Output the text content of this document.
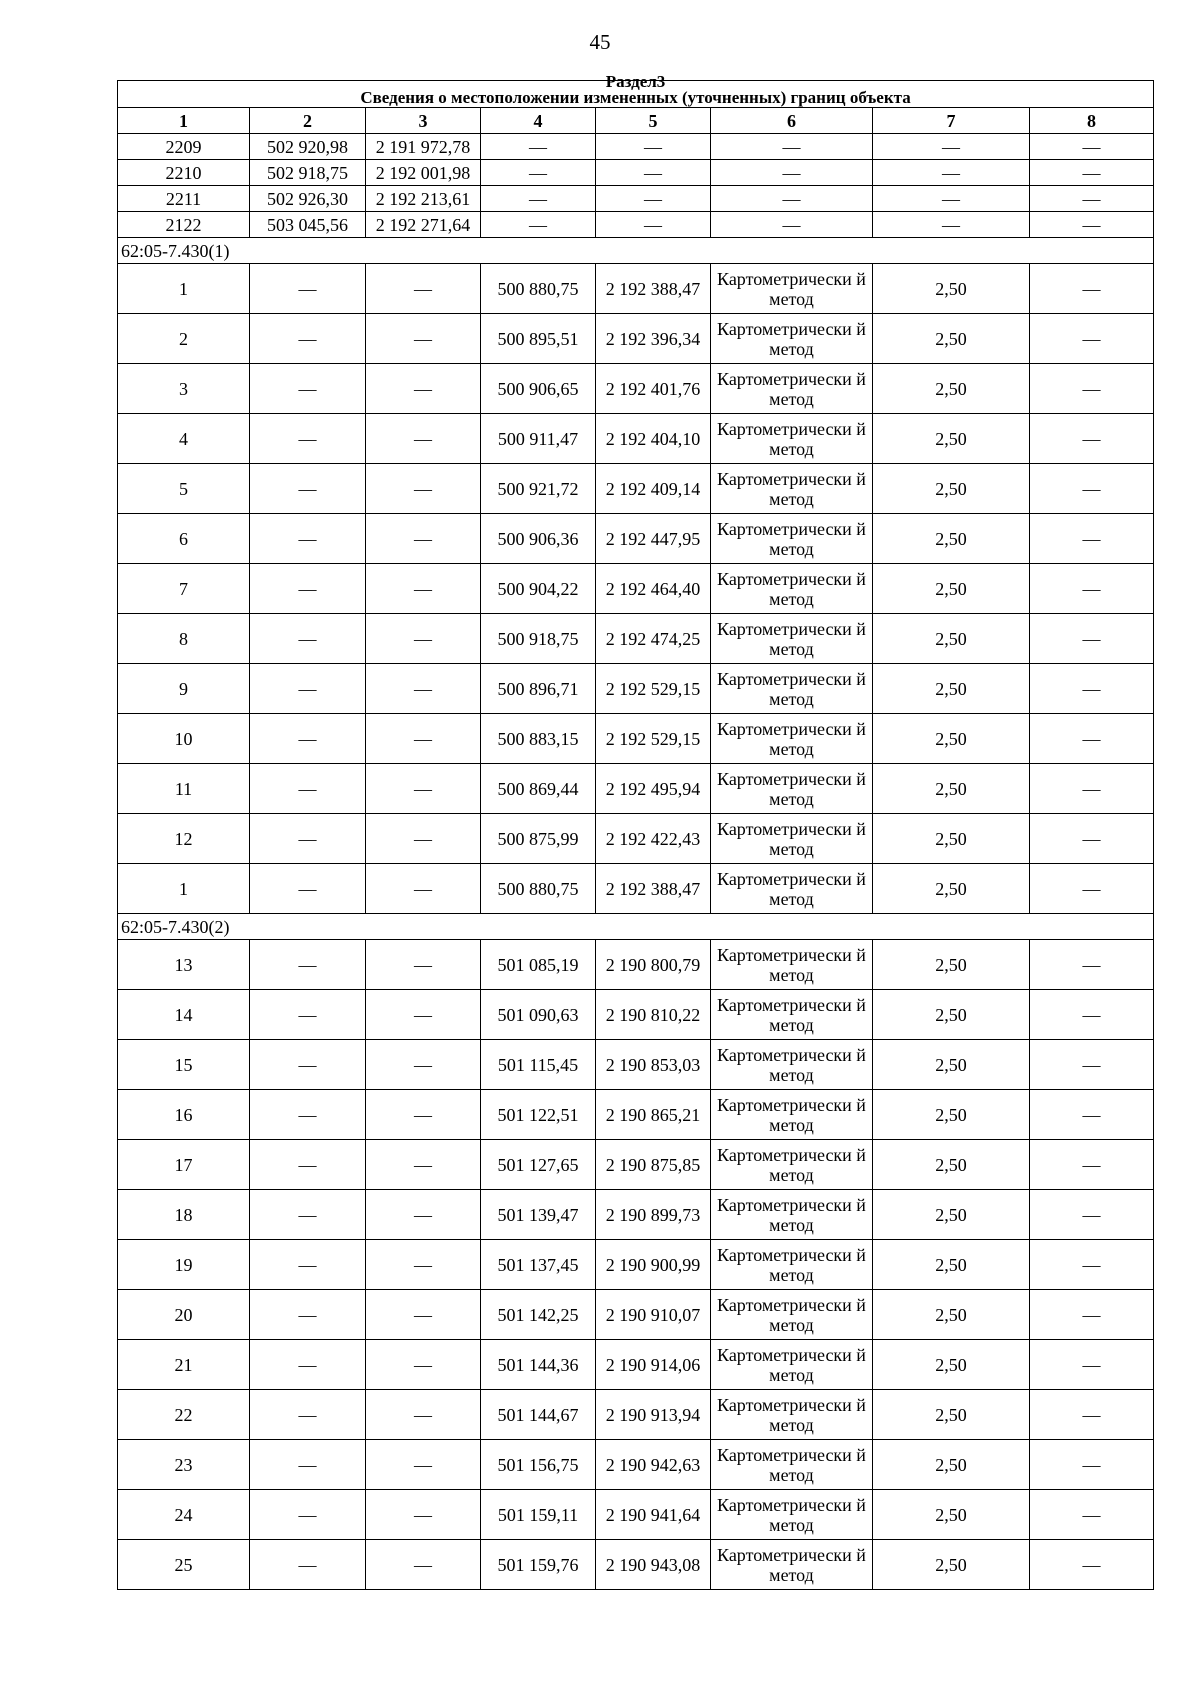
45
Раздел3
Сведения о местоположении измененных (уточненных) границ объекта							
1	2	3	4	5	6	7	8
2209	502 920,98	2 191 972,78	—	—	—	—	—
2210	502 918,75	2 192 001,98	—	—	—	—	—
2211	502 926,30	2 192 213,61	—	—	—	—	—
2122	503 045,56	2 192 271,64	—	—	—	—	—
62:05-7.430(1)							
1	—	—	500 880,75	2 192 388,47	Картометрически й метод	2,50	—
2	—	—	500 895,51	2 192 396,34	Картометрически й метод	2,50	—
3	—	—	500 906,65	2 192 401,76	Картометрически й метод	2,50	—
4	—	—	500 911,47	2 192 404,10	Картометрически й метод	2,50	—
5	—	—	500 921,72	2 192 409,14	Картометрически й метод	2,50	—
6	—	—	500 906,36	2 192 447,95	Картометрически й метод	2,50	—
7	—	—	500 904,22	2 192 464,40	Картометрически й метод	2,50	—
8	—	—	500 918,75	2 192 474,25	Картометрически й метод	2,50	—
9	—	—	500 896,71	2 192 529,15	Картометрически й метод	2,50	—
10	—	—	500 883,15	2 192 529,15	Картометрически й метод	2,50	—
11	—	—	500 869,44	2 192 495,94	Картометрически й метод	2,50	—
12	—	—	500 875,99	2 192 422,43	Картометрически й метод	2,50	—
1	—	—	500 880,75	2 192 388,47	Картометрически й метод	2,50	—
62:05-7.430(2)							
13	—	—	501 085,19	2 190 800,79	Картометрически й метод	2,50	—
14	—	—	501 090,63	2 190 810,22	Картометрически й метод	2,50	—
15	—	—	501 115,45	2 190 853,03	Картометрически й метод	2,50	—
16	—	—	501 122,51	2 190 865,21	Картометрически й метод	2,50	—
17	—	—	501 127,65	2 190 875,85	Картометрически й метод	2,50	—
18	—	—	501 139,47	2 190 899,73	Картометрически й метод	2,50	—
19	—	—	501 137,45	2 190 900,99	Картометрически й метод	2,50	—
20	—	—	501 142,25	2 190 910,07	Картометрически й метод	2,50	—
21	—	—	501 144,36	2 190 914,06	Картометрически й метод	2,50	—
22	—	—	501 144,67	2 190 913,94	Картометрически й метод	2,50	—
23	—	—	501 156,75	2 190 942,63	Картометрически й метод	2,50	—
24	—	—	501 159,11	2 190 941,64	Картометрически й метод	2,50	—
25	—	—	501 159,76	2 190 943,08	Картометрически й метод	2,50	—
